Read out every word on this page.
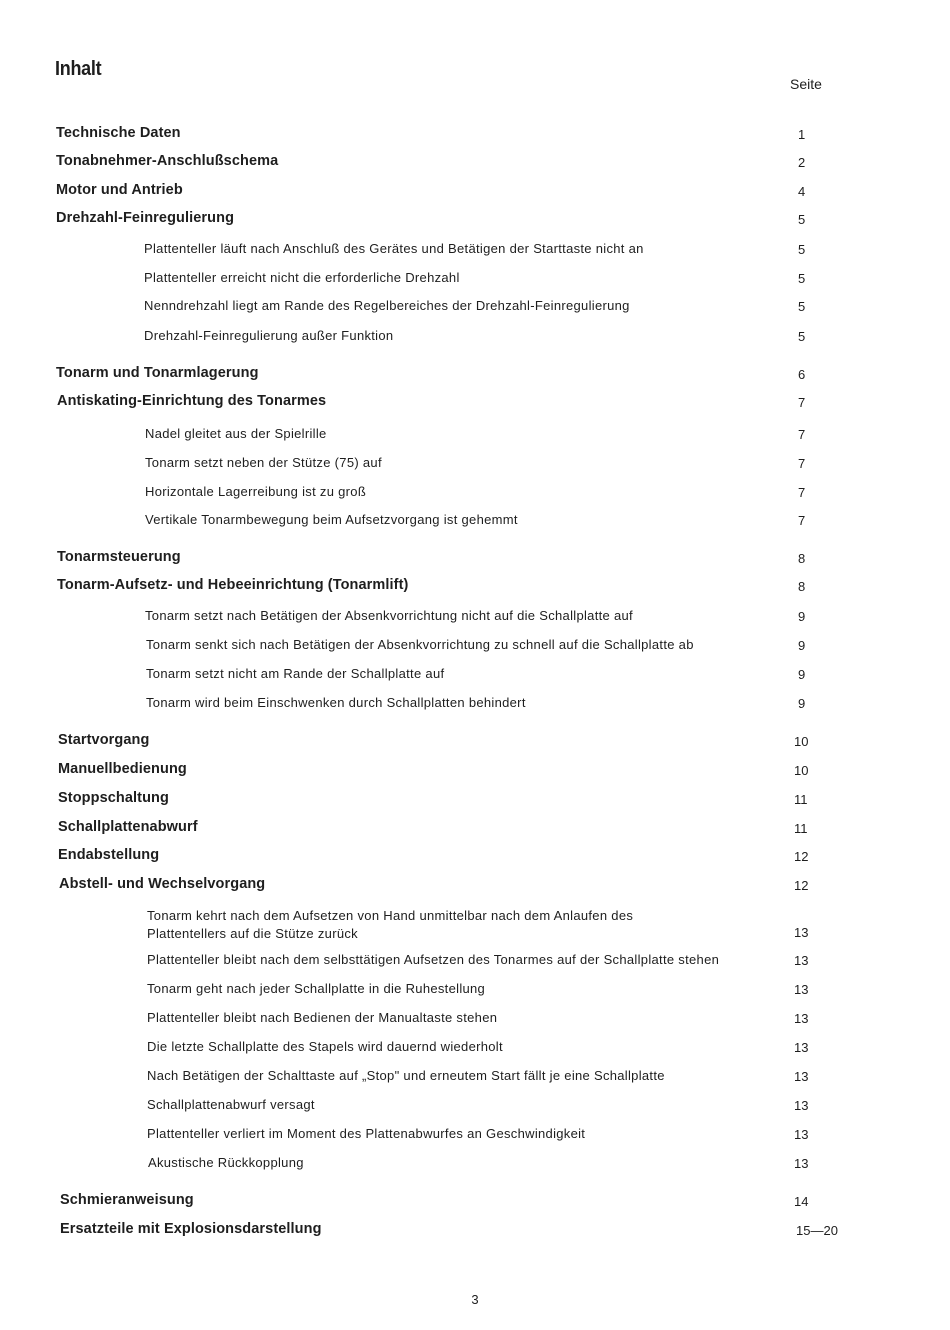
Inhalt
Seite
Technische Daten	1
Tonabnehmer-Anschlußschema	2
Motor und Antrieb	4
Drehzahl-Feinregulierung	5
Plattenteller läuft nach Anschluß des Gerätes und Betätigen der Starttaste nicht an	5
Plattenteller erreicht nicht die erforderliche Drehzahl	5
Nenndrehzahl liegt am Rande des Regelbereiches der Drehzahl-Feinregulierung	5
Drehzahl-Feinregulierung außer Funktion	5
Tonarm und Tonarmlagerung	6
Antiskating-Einrichtung des Tonarmes	7
Nadel gleitet aus der Spielrille	7
Tonarm setzt neben der Stütze (75) auf	7
Horizontale Lagerreibung ist zu groß	7
Vertikale Tonarmbewegung beim Aufsetzvorgang ist gehemmt	7
Tonarmsteuerung	8
Tonarm-Aufsetz- und Hebeeinrichtung (Tonarmlift)	8
Tonarm setzt nach Betätigen der Absenkvorrichtung nicht auf die Schallplatte auf	9
Tonarm senkt sich nach Betätigen der Absenkvorrichtung zu schnell auf die Schallplatte ab	9
Tonarm setzt nicht am Rande der Schallplatte auf	9
Tonarm wird beim Einschwenken durch Schallplatten behindert	9
Startvorgang	10
Manuellbedienung	10
Stoppschaltung	11
Schallplattenabwurf	11
Endabstellung	12
Abstell- und Wechselvorgang	12
Tonarm kehrt nach dem Aufsetzen von Hand unmittelbar nach dem Anlaufen des Plattentellers auf die Stütze zurück	13
Plattenteller bleibt nach dem selbsttätigen Aufsetzen des Tonarmes auf der Schallplatte stehen	13
Tonarm geht nach jeder Schallplatte in die Ruhestellung	13
Plattenteller bleibt nach Bedienen der Manualtaste stehen	13
Die letzte Schallplatte des Stapels wird dauernd wiederholt	13
Nach Betätigen der Schalttaste auf „Stop" und erneutem Start fällt je eine Schallplatte	13
Schallplattenabwurf versagt	13
Plattenteller verliert im Moment des Plattenabwurfes an Geschwindigkeit	13
Akustische Rückkopplung	13
Schmieranweisung	14
Ersatzteile mit Explosionsdarstellung	15—20
3
